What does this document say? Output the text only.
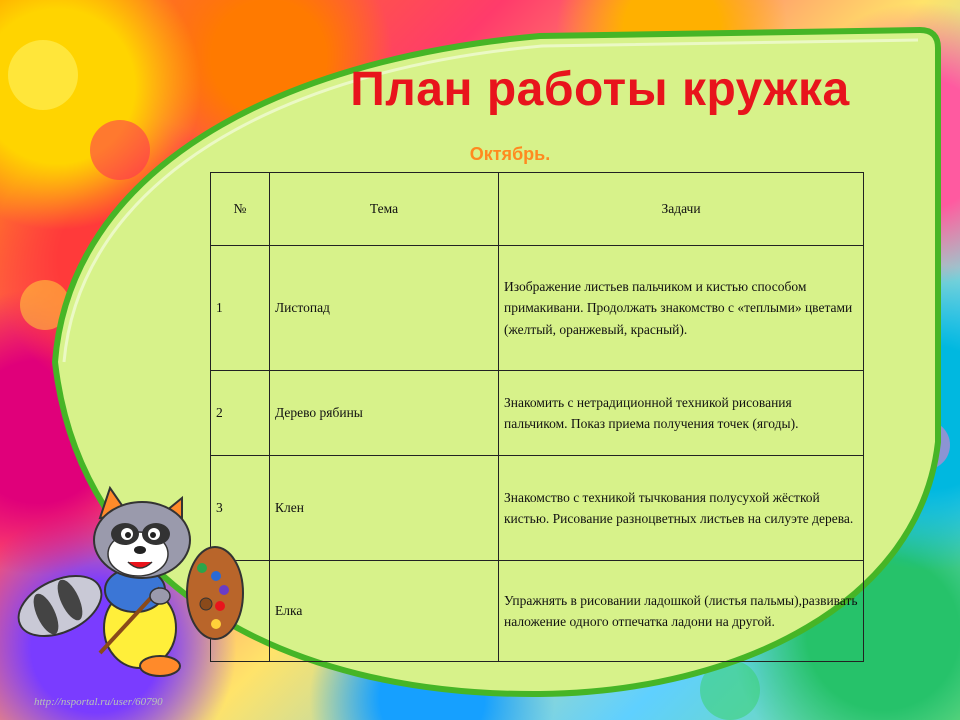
План работы кружка
Октябрь.
№	Тема	Задачи
1	Листопад	Изображение листьев пальчиком и кистью способом примакивани. Продолжать знакомство с «теплыми» цветами (желтый, оранжевый, красный).
2	Дерево рябины	Знакомить с нетрадиционной техникой рисования пальчиком. Показ приема получения точек (ягоды).
3	Клен	Знакомство с техникой тычкования полусухой жёсткой кистью. Рисование разноцветных листьев на силуэте дерева.
	Елка	Упражнять в рисовании ладошкой (листья пальмы),развивать наложение одного отпечатка ладони на другой.
http://nsportal.ru/user/60790
